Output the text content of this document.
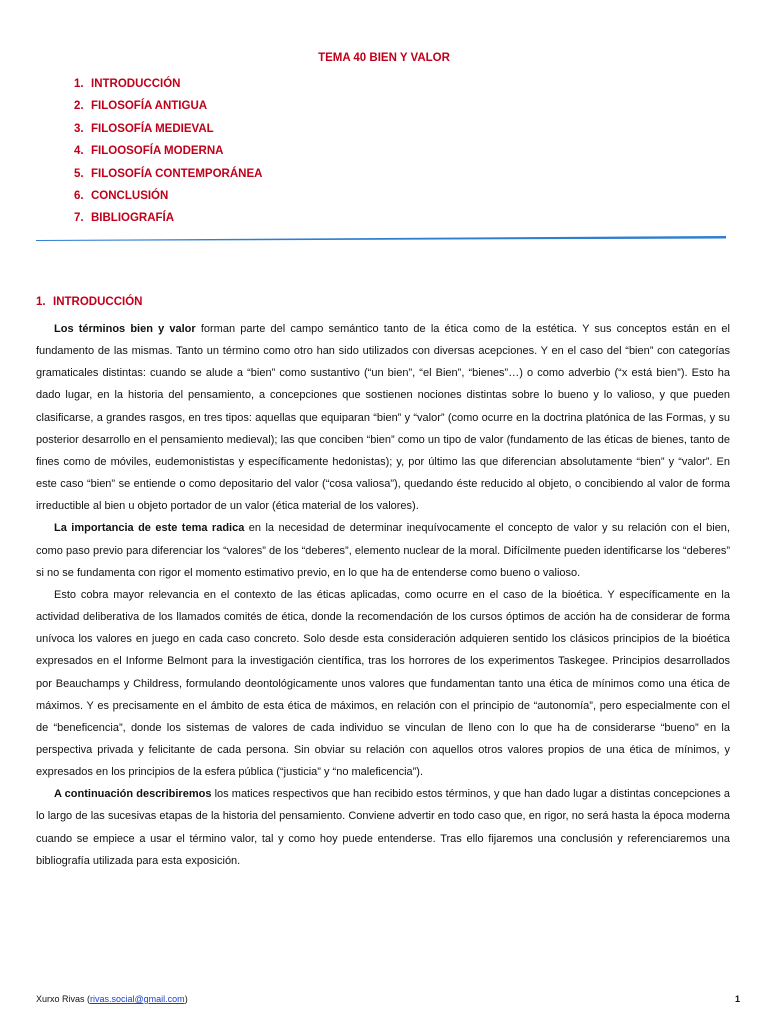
TEMA 40 BIEN Y VALOR
1. INTRODUCCIÓN
2. FILOSOFÍA ANTIGUA
3. FILOSOFÍA MEDIEVAL
4. FILOOSOFÍA MODERNA
5. FILOSOFÍA CONTEMPORÁNEA
6. CONCLUSIÓN
7. BIBLIOGRAFÍA
1. INTRODUCCIÓN

Los términos bien y valor forman parte del campo semántico tanto de la ética como de la estética. Y sus conceptos están en el fundamento de las mismas. Tanto un término como otro han sido utilizados con diversas acepciones. Y en el caso del “bien” con categorías gramaticales distintas: cuando se alude a “bien” como sustantivo (“un bien”, “el Bien”, “bienes”…) o como adverbio (“x está bien”). Esto ha dado lugar, en la historia del pensamiento, a concepciones que sostienen nociones distintas sobre lo bueno y lo valioso, y que pueden clasificarse, a grandes rasgos, en tres tipos: aquellas que equiparan “bien” y “valor” (como ocurre en la doctrina platónica de las Formas, y su posterior desarrollo en el pensamiento medieval); las que conciben “bien” como un tipo de valor (fundamento de las éticas de bienes, tanto de fines como de móviles, eudemonististas y específicamente hedonistas); y, por último las que diferencian absolutamente “bien” y “valor”. En este caso “bien” se entiende o como depositario del valor (“cosa valiosa”), quedando éste reducido al objeto, o concibiendo al valor de forma irreductible al bien u objeto portador de un valor (ética material de los valores).

La importancia de este tema radica en la necesidad de determinar inequívocamente el concepto de valor y su relación con el bien, como paso previo para diferenciar los “valores” de los “deberes”, elemento nuclear de la moral. Difícilmente pueden identificarse los “deberes” si no se fundamenta con rigor el momento estimativo previo, en lo que ha de entenderse como bueno o valioso.

Esto cobra mayor relevancia en el contexto de las éticas aplicadas, como ocurre en el caso de la bioética. Y específicamente en la actividad deliberativa de los llamados comités de ética, donde la recomendación de los cursos óptimos de acción ha de considerar de forma unívoca los valores en juego en cada caso concreto. Solo desde esta consideración adquieren sentido los clásicos principios de la bioética expresados en el Informe Belmont para la investigación científica, tras los horrores de los experimentos Taskegee. Principios desarrollados por Beauchamps y Childress, formulando deontológicamente unos valores que fundamentan tanto una ética de mínimos como una ética de máximos. Y es precisamente en el ámbito de esta ética de máximos, en relación con el principio de “autonomía”, pero especialmente con el de “beneficencia”, donde los sistemas de valores de cada individuo se vinculan de lleno con lo que ha de considerarse “bueno” en la perspectiva privada y felicitante de cada persona. Sin obviar su relación con aquellos otros valores propios de una ética de mínimos, y expresados en los principios de la esfera pública (“justicia” y “no maleficencia”).

A continuación describiremos los matices respectivos que han recibido estos términos, y que han dado lugar a distintas concepciones a lo largo de las sucesivas etapas de la historia del pensamiento. Conviene advertir en todo caso que, en rigor, no será hasta la época moderna cuando se empiece a usar el término valor, tal y como hoy puede entenderse. Tras ello fijaremos una conclusión y referenciaremos una bibliografía utilizada para esta exposición.

Xurxo Rivas (rivas.social@gmail.com)	1
